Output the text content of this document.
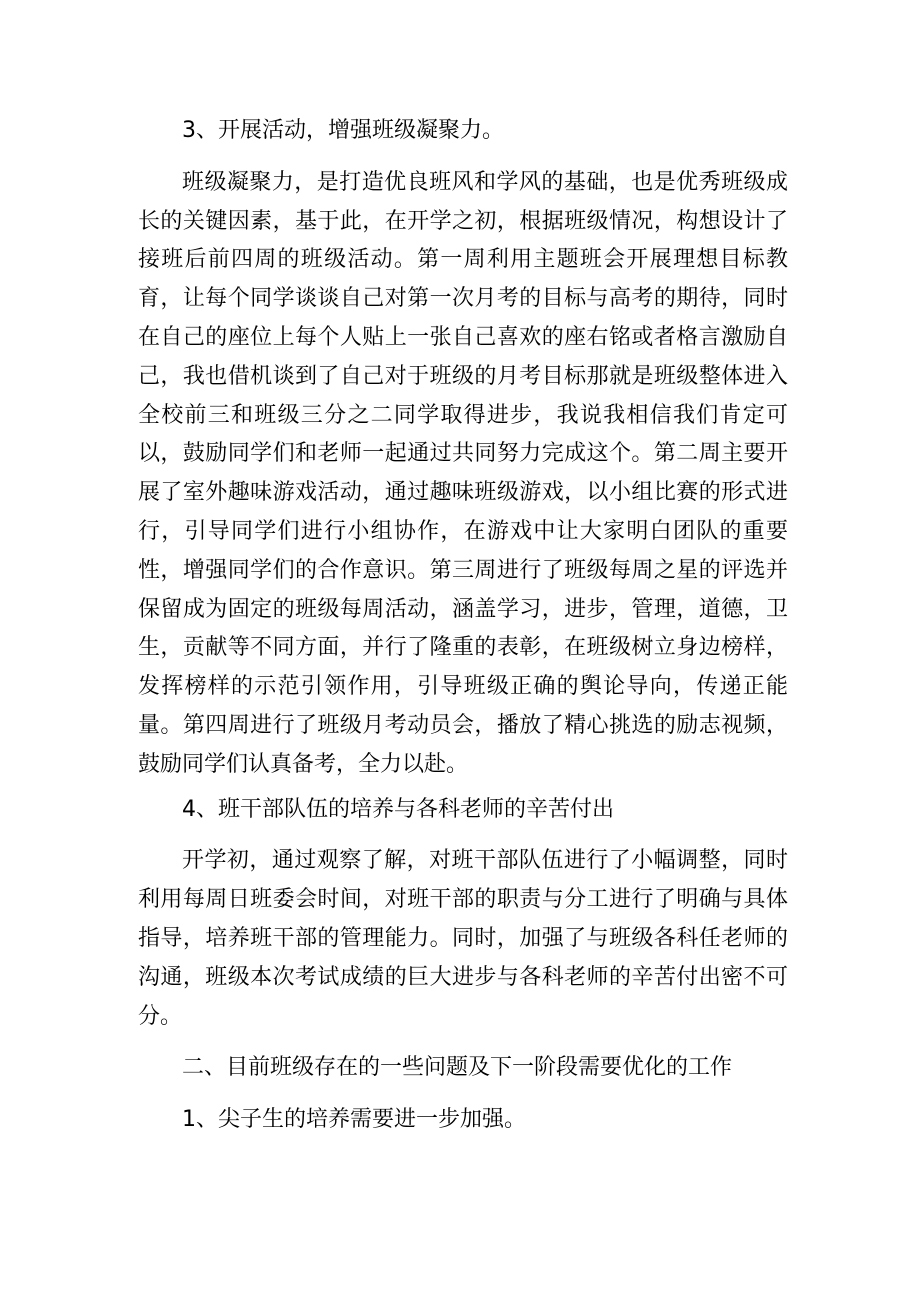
3、开展活动，增强班级凝聚力。

班级凝聚力，是打造优良班风和学风的基础，也是优秀班级成长的关键因素，基于此，在开学之初，根据班级情况，构想设计了接班后前四周的班级活动。第一周利用主题班会开展理想目标教育，让每个同学谈谈自己对第一次月考的目标与高考的期待，同时在自己的座位上每个人贴上一张自己喜欢的座右铭或者格言激励自己，我也借机谈到了自己对于班级的月考目标那就是班级整体进入全校前三和班级三分之二同学取得进步，我说我相信我们肯定可以，鼓励同学们和老师一起通过共同努力完成这个。第二周主要开展了室外趣味游戏活动，通过趣味班级游戏，以小组比赛的形式进行，引导同学们进行小组协作，在游戏中让大家明白团队的重要性，增强同学们的合作意识。第三周进行了班级每周之星的评选并保留成为固定的班级每周活动，涵盖学习，进步，管理，道德，卫生，贡献等不同方面，并行了隆重的表彰，在班级树立身边榜样，发挥榜样的示范引领作用，引导班级正确的舆论导向，传递正能量。第四周进行了班级月考动员会，播放了精心挑选的励志视频，鼓励同学们认真备考，全力以赴。

4、班干部队伍的培养与各科老师的辛苦付出

开学初，通过观察了解，对班干部队伍进行了小幅调整，同时利用每周日班委会时间，对班干部的职责与分工进行了明确与具体指导，培养班干部的管理能力。同时，加强了与班级各科任老师的沟通，班级本次考试成绩的巨大进步与各科老师的辛苦付出密不可分。

二、目前班级存在的一些问题及下一阶段需要优化的工作

1、尖子生的培养需要进一步加强。
